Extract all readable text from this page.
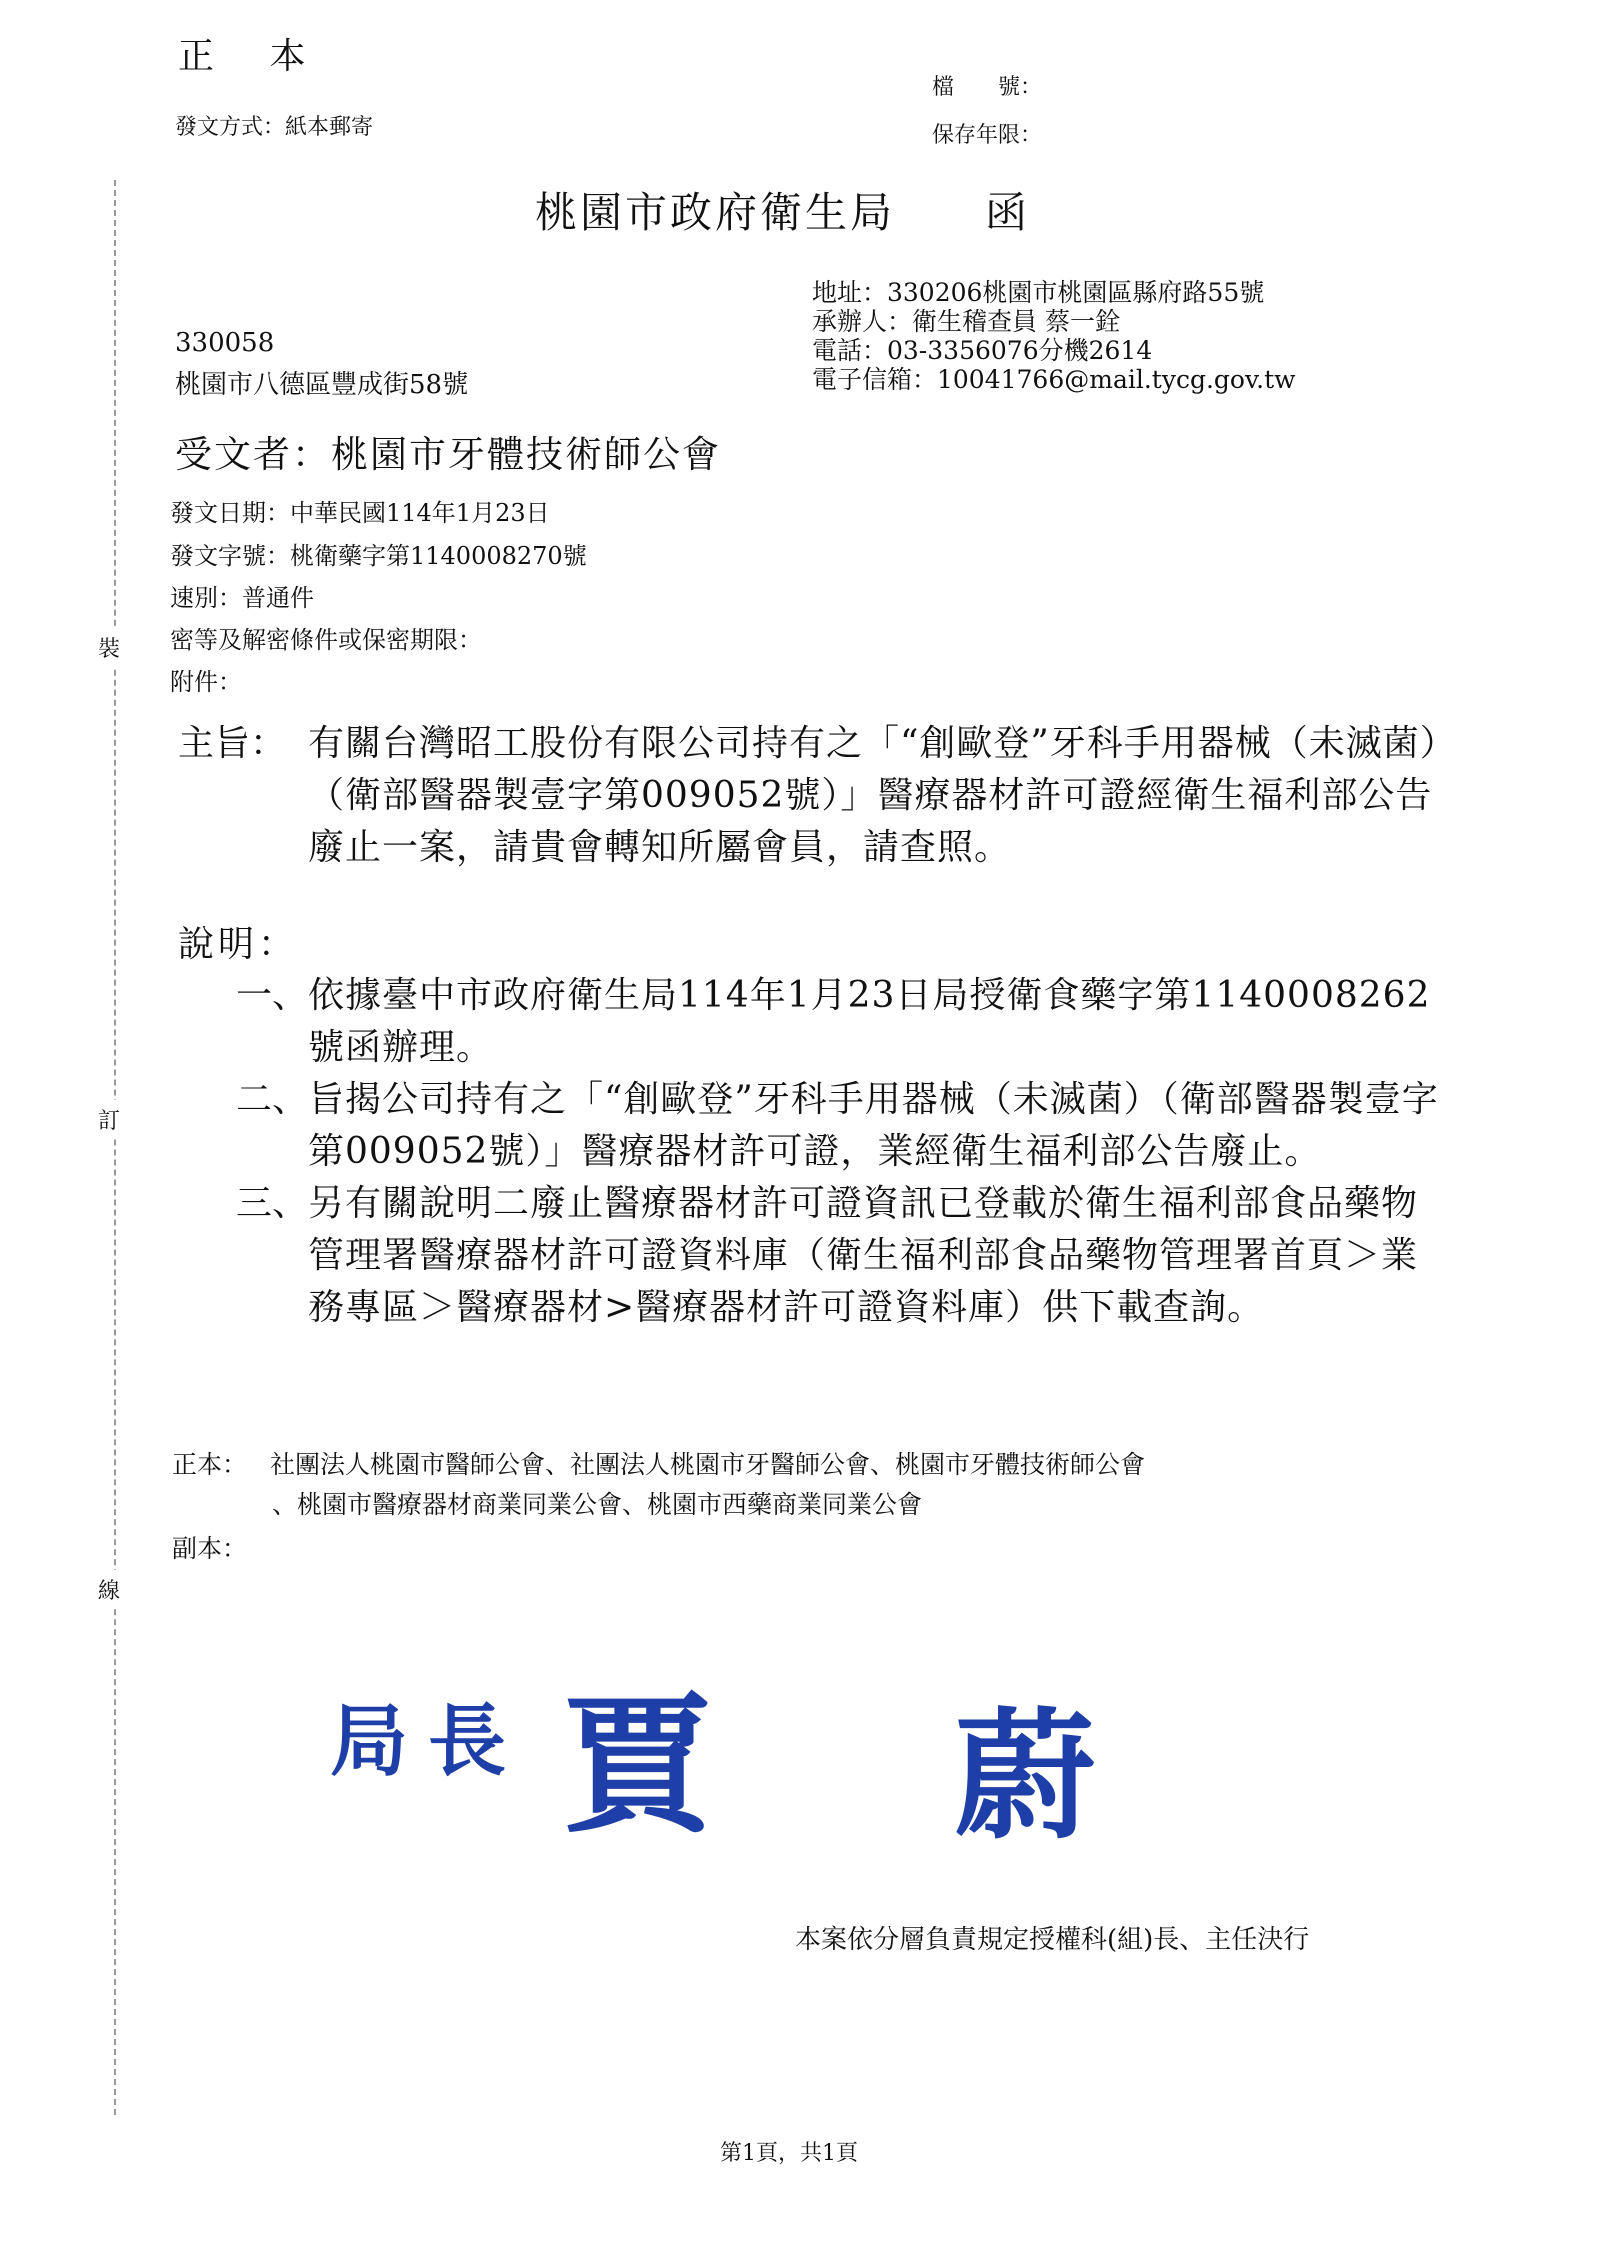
正 本
發文方式：紙本郵寄
檔　　號：
保存年限：
桃園市政府衛生局　　函
地址：330206桃園市桃園區縣府路55號
承辦人：衛生稽查員 蔡一銓
電話：03-3356076分機2614
電子信箱：10041766@mail.tycg.gov.tw
330058
桃園市八德區豐成街58號
受文者：桃園市牙體技術師公會
發文日期：中華民國114年1月23日
發文字號：桃衛藥字第1140008270號
速別：普通件
密等及解密條件或保密期限：
附件：
主旨： 有關台灣昭工股份有限公司持有之「“創歐登”牙科手用器械（未滅菌）（衛部醫器製壹字第009052號）」醫療器材許可證經衛生福利部公告廢止一案，請貴會轉知所屬會員，請查照。
說明：
一、 依據臺中市政府衛生局114年1月23日局授衛食藥字第1140008262號函辦理。
二、 旨揭公司持有之「“創歐登”牙科手用器械（未滅菌）（衛部醫器製壹字第009052號）」醫療器材許可證，業經衛生福利部公告廢止。
三、 另有關說明二廢止醫療器材許可證資訊已登載於衛生福利部食品藥物管理署醫療器材許可證資料庫（衛生福利部食品藥物管理署首頁＞業務專區＞醫療器材>醫療器材許可證資料庫）供下載查詢。
正本： 社團法人桃園市醫師公會、社團法人桃園市牙醫師公會、桃園市牙體技術師公會
、桃園市醫療器材商業同業公會、桃園市西藥商業同業公會
副本：
局長 賈 蔚
本案依分層負責規定授權科(組)長、主任決行
第1頁，共1頁
裝
訂
線
